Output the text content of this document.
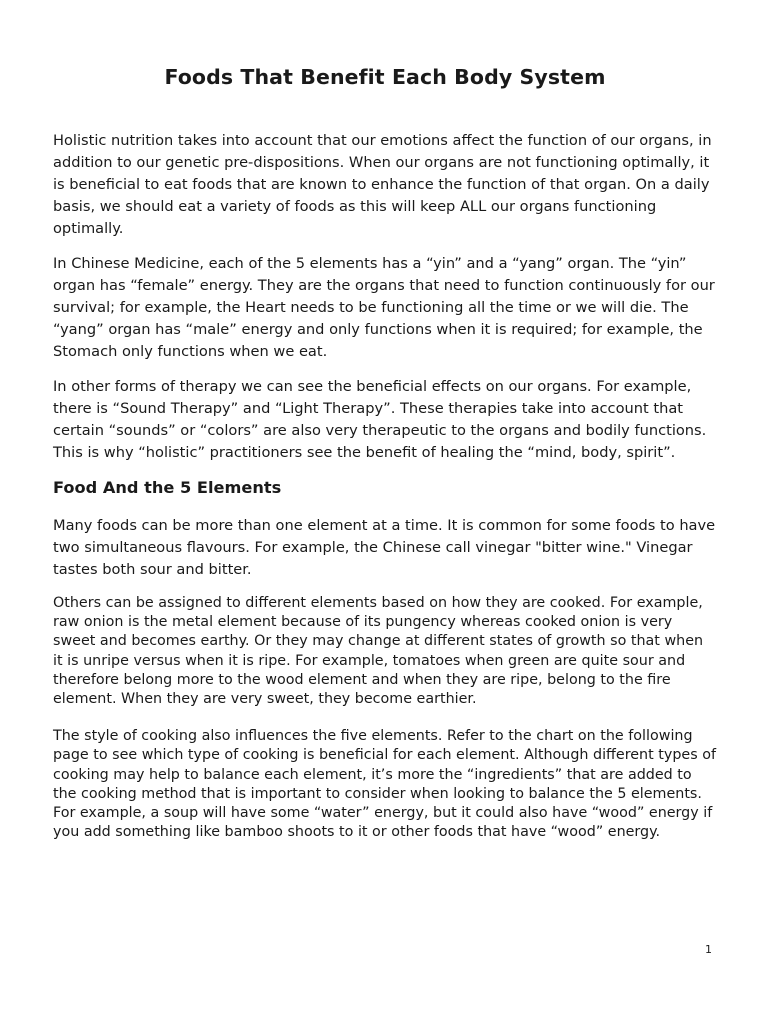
Foods That Benefit Each Body System

Holistic nutrition takes into account that our emotions affect the function of our organs, in addition to our genetic pre-dispositions. When our organs are not functioning optimally, it is beneficial to eat foods that are known to enhance the function of that organ. On a daily basis, we should eat a variety of foods as this will keep ALL our organs functioning optimally.

In Chinese Medicine, each of the 5 elements has a “yin” and a “yang” organ. The “yin” organ has “female” energy. They are the organs that need to function continuously for our survival; for example, the Heart needs to be functioning all the time or we will die. The “yang” organ has “male” energy and only functions when it is required; for example, the Stomach only functions when we eat.

In other forms of therapy we can see the beneficial effects on our organs. For example, there is “Sound Therapy” and “Light Therapy”. These therapies take into account that certain “sounds” or “colors” are also very therapeutic to the organs and bodily functions. This is why “holistic” practitioners see the benefit of healing the “mind, body, spirit”.

Food And the 5 Elements

Many foods can be more than one element at a time. It is common for some foods to have two simultaneous flavours. For example, the Chinese call vinegar "bitter wine." Vinegar tastes both sour and bitter.

Others can be assigned to different elements based on how they are cooked. For example, raw onion is the metal element because of its pungency whereas cooked onion is very sweet and becomes earthy. Or they may change at different states of growth so that when it is unripe versus when it is ripe. For example, tomatoes when green are quite sour and therefore belong more to the wood element and when they are ripe, belong to the fire element. When they are very sweet, they become earthier.

The style of cooking also influences the five elements. Refer to the chart on the following page to see which type of cooking is beneficial for each element. Although different types of cooking may help to balance each element, it’s more the “ingredients” that are added to the cooking method that is important to consider when looking to balance the 5 elements. For example, a soup will have some “water” energy, but it could also have “wood” energy if you add something like bamboo shoots to it or other foods that have “wood” energy.

1
